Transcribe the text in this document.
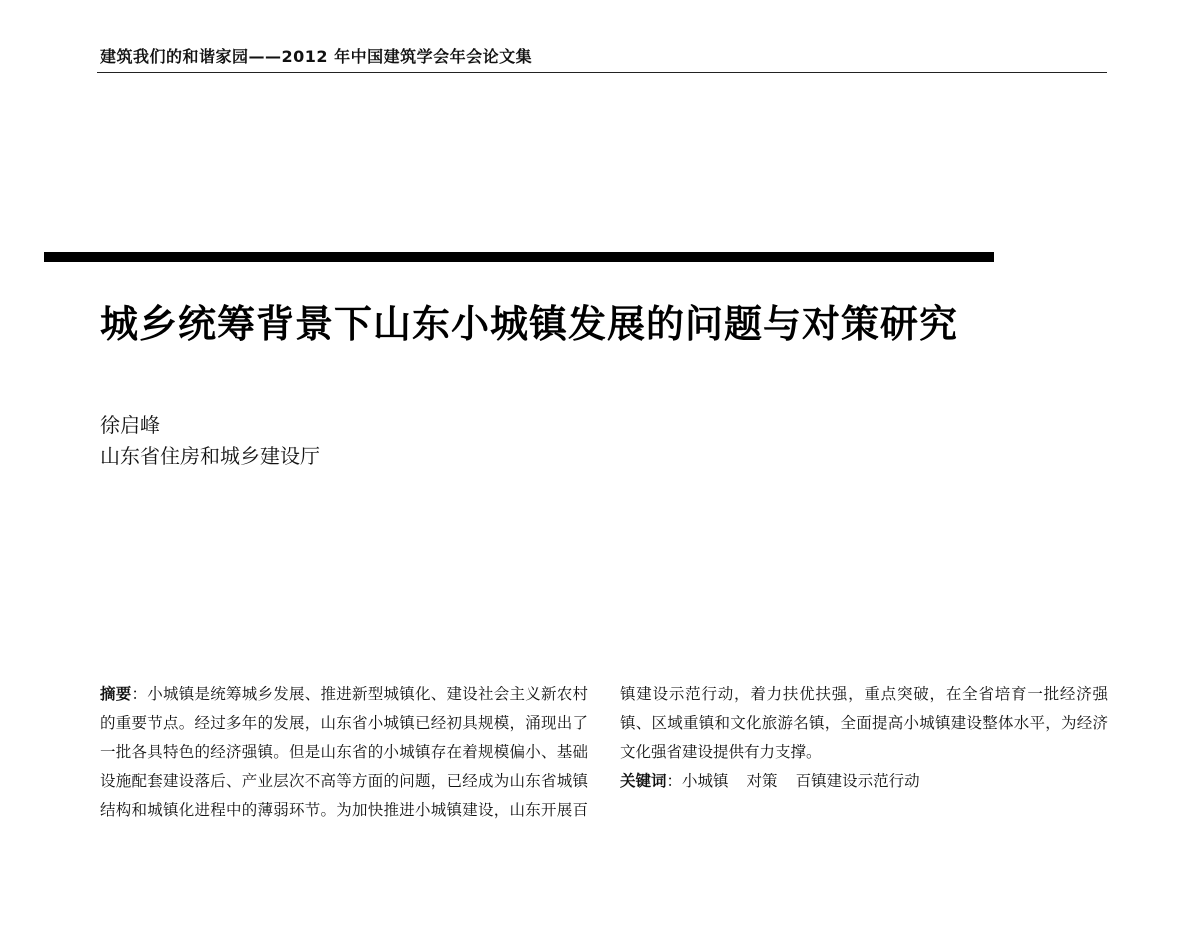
建筑我们的和谐家园——2012 年中国建筑学会年会论文集
城乡统筹背景下山东小城镇发展的问题与对策研究
徐启峰
山东省住房和城乡建设厅

摘要：小城镇是统筹城乡发展、推进新型城镇化、建设社会主义新农村的重要节点。经过多年的发展，山东省小城镇已经初具规模，涌现出了一批各具特色的经济强镇。但是山东省的小城镇存在着规模偏小、基础设施配套建设落后、产业层次不高等方面的问题，已经成为山东省城镇结构和城镇化进程中的薄弱环节。为加快推进小城镇建设，山东开展百镇建设示范行动，着力扶优扶强，重点突破，在全省培育一批经济强镇、区域重镇和文化旅游名镇，全面提高小城镇建设整体水平，为经济文化强省建设提供有力支撑。

关键词：小城镇 对策 百镇建设示范行动
